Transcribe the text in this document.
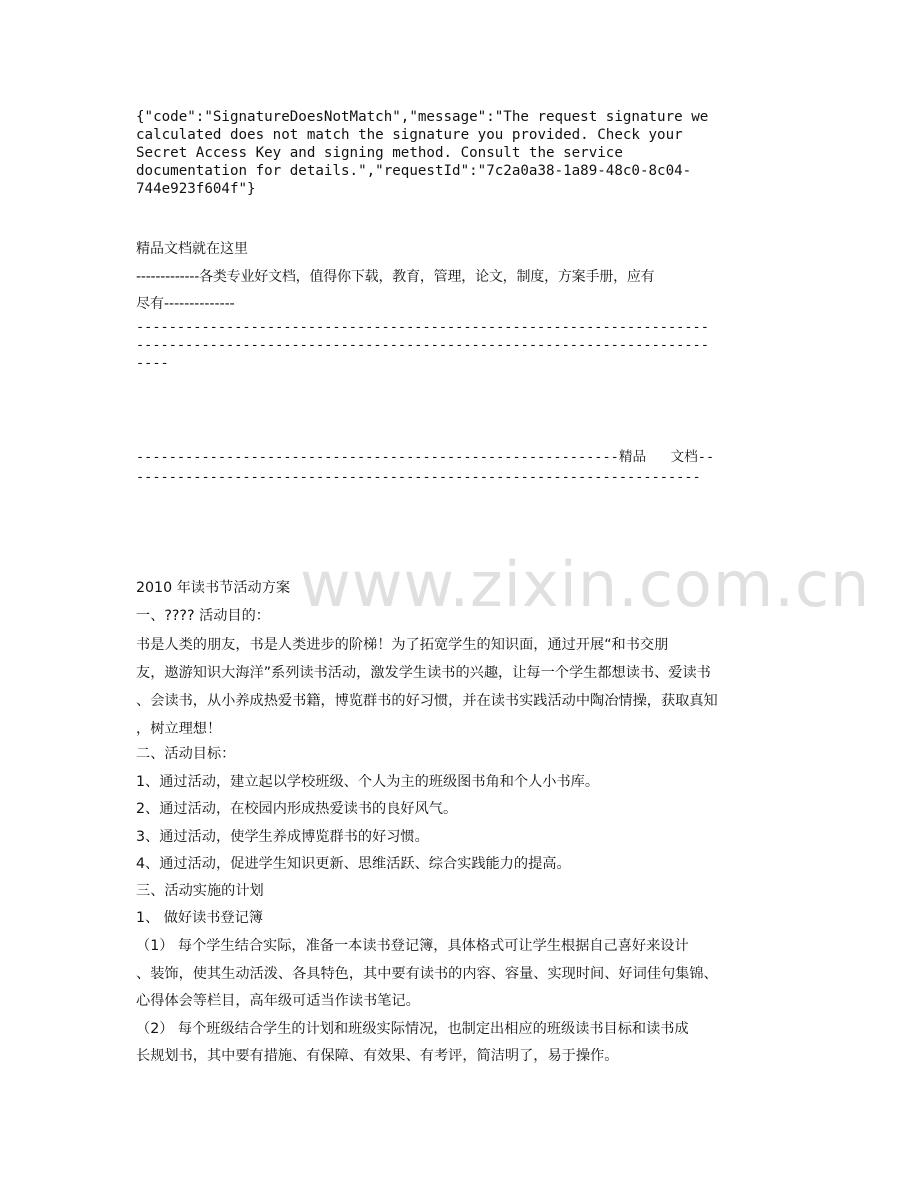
{"code":"SignatureDoesNotMatch","message":"The request signature we
calculated does not match the signature you provided. Check your
Secret Access Key and signing method. Consult the service
documentation for details.","requestId":"7c2a0a38-1a89-48c0-8c04-
744e923f604f"}
精品文档就在这里
-------------各类专业好文档，值得你下载，教育，管理，论文，制度，方案手册，应有
尽有--------------
----------------------------------------------------------------------
----------------------------------------------------------------------
----
-----------------------------------------------------------精品   文档--
---------------------------------------------------------------------
www.zixin.com.cn
2010 年读书节活动方案
一、???? 活动目的：
书是人类的朋友，书是人类进步的阶梯！为了拓宽学生的知识面，通过开展“和书交朋
友，遨游知识大海洋”系列读书活动，激发学生读书的兴趣，让每一个学生都想读书、爱读书
、会读书，从小养成热爱书籍，博览群书的好习惯，并在读书实践活动中陶冶情操，获取真知
，树立理想！
二、活动目标：
1、通过活动，建立起以学校班级、个人为主的班级图书角和个人小书库。
2、通过活动，在校园内形成热爱读书的良好风气。
3、通过活动，使学生养成博览群书的好习惯。
4、通过活动，促进学生知识更新、思维活跃、综合实践能力的提高。
三、活动实施的计划
1、 做好读书登记簿
（1） 每个学生结合实际，准备一本读书登记簿，具体格式可让学生根据自己喜好来设计
、装饰，使其生动活泼、各具特色，其中要有读书的内容、容量、实现时间、好词佳句集锦、
心得体会等栏目，高年级可适当作读书笔记。
（2） 每个班级结合学生的计划和班级实际情况，也制定出相应的班级读书目标和读书成
长规划书，其中要有措施、有保障、有效果、有考评，简洁明了，易于操作。
